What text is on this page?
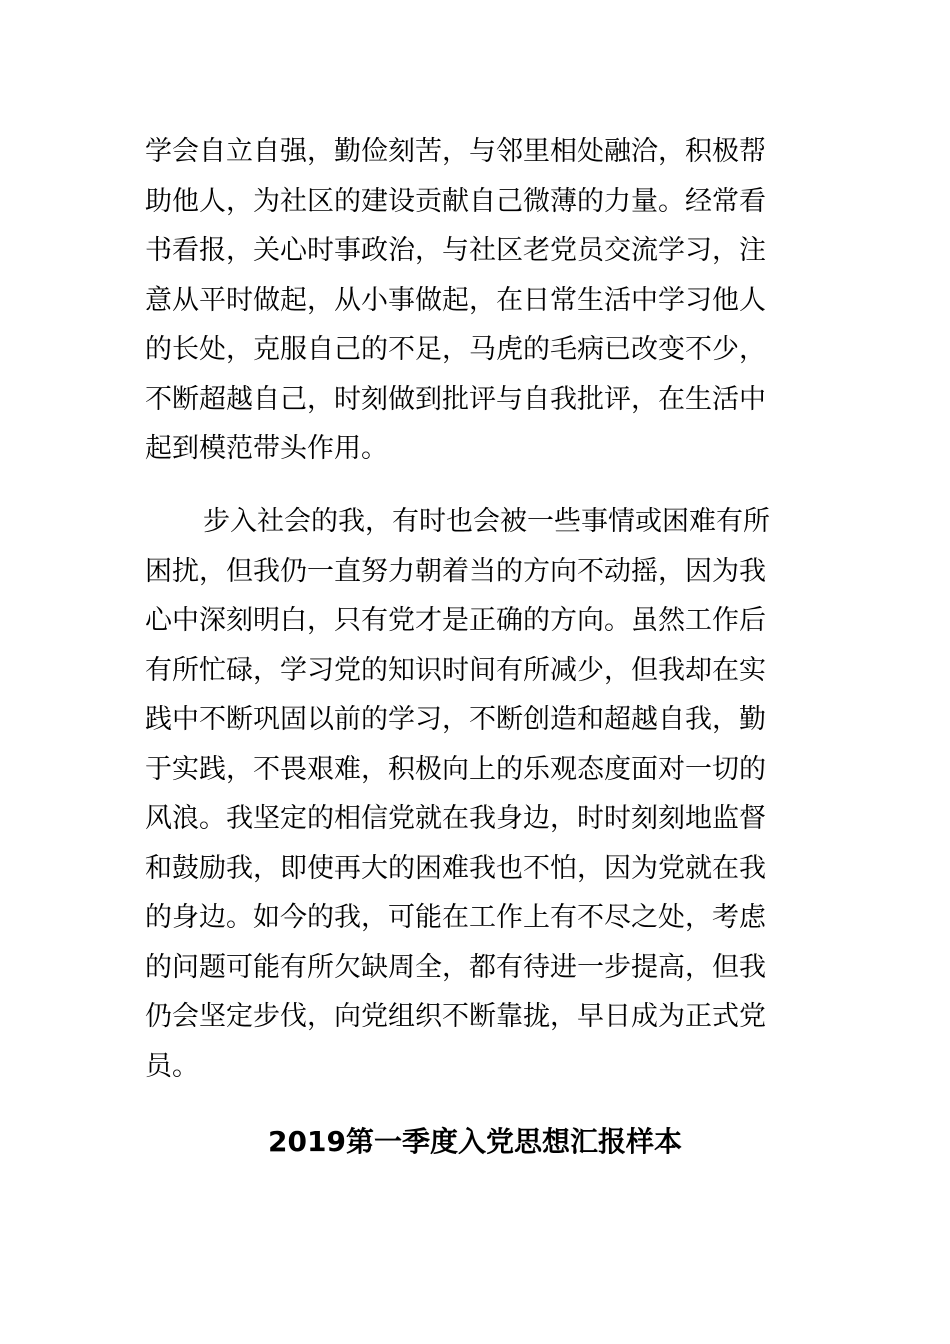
学会自立自强，勤俭刻苦，与邻里相处融洽，积极帮
助他人，为社区的建设贡献自己微薄的力量。经常看
书看报，关心时事政治，与社区老党员交流学习，注
意从平时做起，从小事做起，在日常生活中学习他人
的长处，克服自己的不足，马虎的毛病已改变不少，
不断超越自己，时刻做到批评与自我批评，在生活中
起到模范带头作用。
步入社会的我，有时也会被一些事情或困难有所
困扰，但我仍一直努力朝着当的方向不动摇，因为我
心中深刻明白，只有党才是正确的方向。虽然工作后
有所忙碌，学习党的知识时间有所减少，但我却在实
践中不断巩固以前的学习，不断创造和超越自我，勤
于实践，不畏艰难，积极向上的乐观态度面对一切的
风浪。我坚定的相信党就在我身边，时时刻刻地监督
和鼓励我，即使再大的困难我也不怕，因为党就在我
的身边。如今的我，可能在工作上有不尽之处，考虑
的问题可能有所欠缺周全，都有待进一步提高，但我
仍会坚定步伐，向党组织不断靠拢，早日成为正式党
员。
2019第一季度入党思想汇报样本
